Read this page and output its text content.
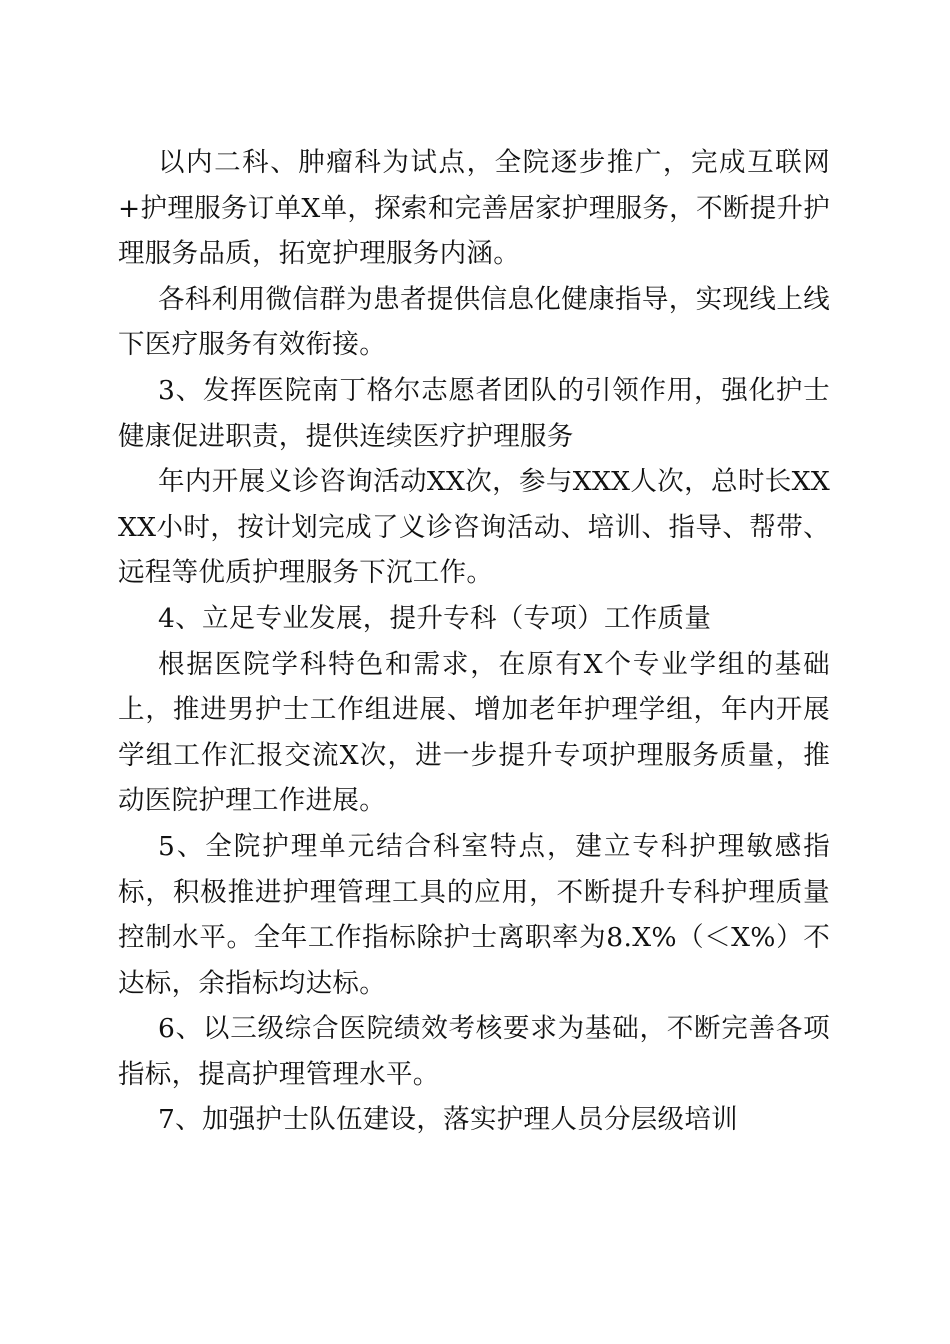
以内二科、肿瘤科为试点，全院逐步推广，完成互联网+护理服务订单X单，探索和完善居家护理服务，不断提升护理服务品质，拓宽护理服务内涵。

各科利用微信群为患者提供信息化健康指导，实现线上线下医疗服务有效衔接。

3、发挥医院南丁格尔志愿者团队的引领作用，强化护士健康促进职责，提供连续医疗护理服务

年内开展义诊咨询活动XX次，参与XXX人次，总时长XXXX小时，按计划完成了义诊咨询活动、培训、指导、帮带、远程等优质护理服务下沉工作。

4、立足专业发展，提升专科（专项）工作质量

根据医院学科特色和需求，在原有X个专业学组的基础上，推进男护士工作组进展、增加老年护理学组，年内开展学组工作汇报交流X次，进一步提升专项护理服务质量，推动医院护理工作进展。

5、全院护理单元结合科室特点，建立专科护理敏感指标，积极推进护理管理工具的应用，不断提升专科护理质量控制水平。全年工作指标除护士离职率为8.X%（＜X%）不达标，余指标均达标。

6、以三级综合医院绩效考核要求为基础，不断完善各项指标，提高护理管理水平。

7、加强护士队伍建设，落实护理人员分层级培训
